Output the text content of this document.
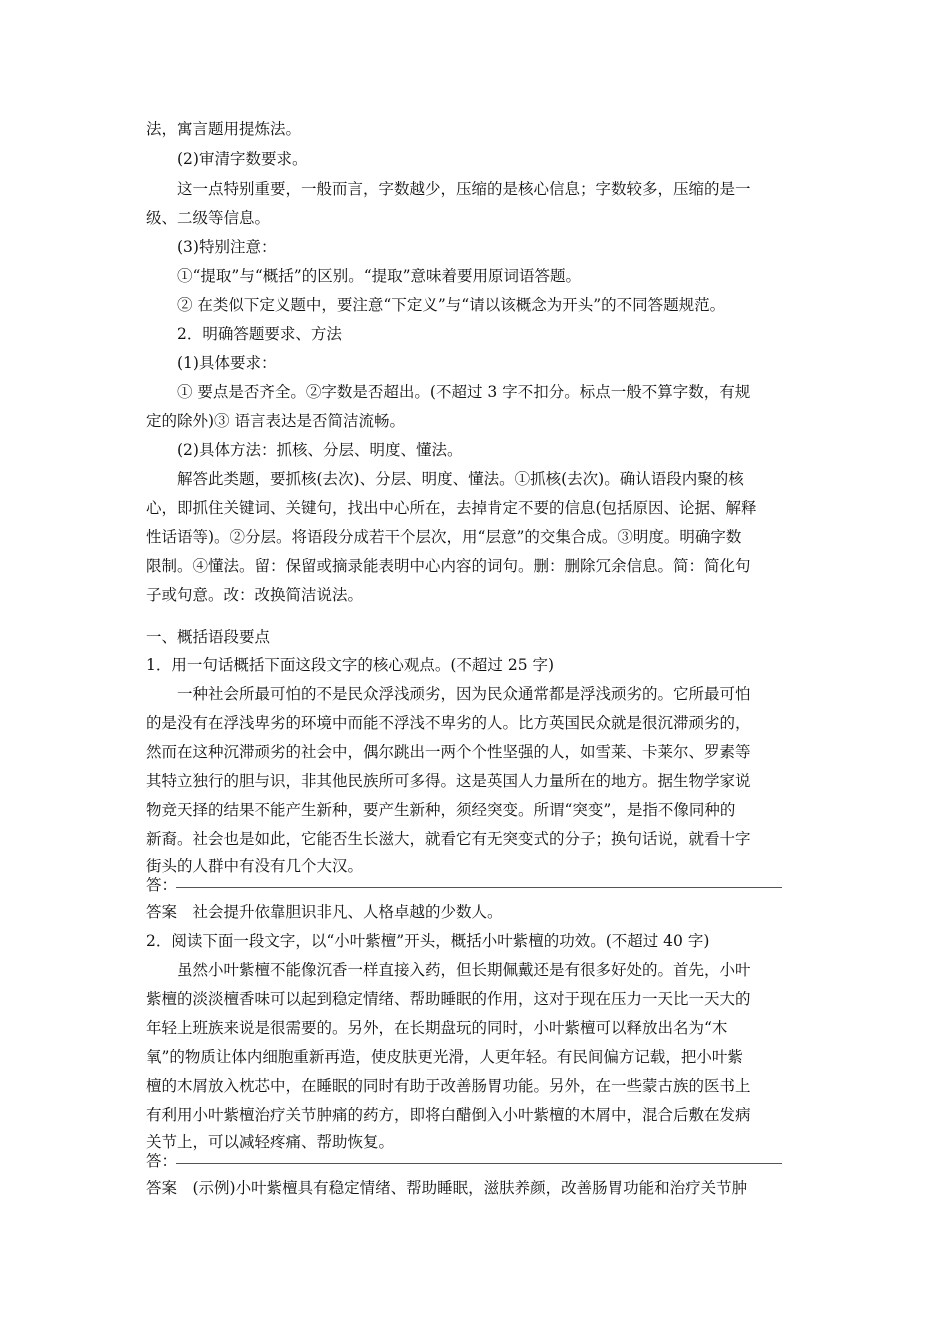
法，寓言题用提炼法。
(2)审清字数要求。
这一点特别重要，一般而言，字数越少，压缩的是核心信息；字数较多，压缩的是一
级、二级等信息。
(3)特别注意：
①“提取”与“概括”的区别。“提取”意味着要用原词语答题。
② 在类似下定义题中，要注意“下定义”与“请以该概念为开头”的不同答题规范。
2．明确答题要求、方法
(1)具体要求：
① 要点是否齐全。②字数是否超出。(不超过 3 字不扣分。标点一般不算字数，有规
定的除外)③ 语言表达是否简洁流畅。
(2)具体方法：抓核、分层、明度、懂法。
解答此类题，要抓核(去次)、分层、明度、懂法。①抓核(去次)。确认语段内聚的核
心，即抓住关键词、关键句，找出中心所在，去掉肯定不要的信息(包括原因、论据、解释
性话语等)。②分层。将语段分成若干个层次，用“层意”的交集合成。③明度。明确字数
限制。④懂法。留：保留或摘录能表明中心内容的词句。删：删除冗余信息。简：简化句
子或句意。改：改换简洁说法。
一、概括语段要点
1．用一句话概括下面这段文字的核心观点。(不超过 25 字)
一种社会所最可怕的不是民众浮浅顽劣，因为民众通常都是浮浅顽劣的。它所最可怕
的是没有在浮浅卑劣的环境中而能不浮浅不卑劣的人。比方英国民众就是很沉滞顽劣的，
然而在这种沉滞顽劣的社会中，偶尔跳出一两个个性坚强的人，如雪莱、卡莱尔、罗素等
其特立独行的胆与识，非其他民族所可多得。这是英国人力量所在的地方。据生物学家说
物竞天择的结果不能产生新种，要产生新种，须经突变。所谓“突变”，是指不像同种的
新裔。社会也是如此，它能否生长滋大，就看它有无突变式的分子；换句话说，就看十字
街头的人群中有没有几个大汉。
答：
答案　社会提升依靠胆识非凡、人格卓越的少数人。
2．阅读下面一段文字，以“小叶紫檀”开头，概括小叶紫檀的功效。(不超过 40 字)
虽然小叶紫檀不能像沉香一样直接入药，但长期佩戴还是有很多好处的。首先，小叶
紫檀的淡淡檀香味可以起到稳定情绪、帮助睡眠的作用，这对于现在压力一天比一天大的
年轻上班族来说是很需要的。另外，在长期盘玩的同时，小叶紫檀可以释放出名为“木
氧”的物质让体内细胞重新再造，使皮肤更光滑，人更年轻。有民间偏方记载，把小叶紫
檀的木屑放入枕芯中，在睡眠的同时有助于改善肠胃功能。另外，在一些蒙古族的医书上
有利用小叶紫檀治疗关节肿痛的药方，即将白醋倒入小叶紫檀的木屑中，混合后敷在发病
关节上，可以减轻疼痛、帮助恢复。
答：
答案　(示例)小叶紫檀具有稳定情绪、帮助睡眠，滋肤养颜，改善肠胃功能和治疗关节肿
